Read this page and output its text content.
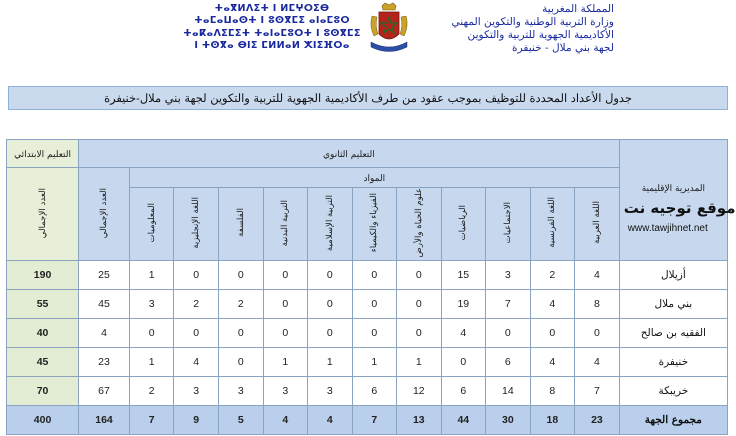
ⵜⴰⴳⵍⴷⵉⵜ ⵏ ⵍⵎⵖⵔⵉⴱ
ⵜⴰⵎⴰⵡⴰⵙⵜ ⵏ ⵓⵙⴳⵎⵉ ⴰⵏⴰⵎⵓⵔ
ⵜⴰⴽⴰⴷⵉⵎⵉⵜ ⵜⴰⵏⴰⵎⵓⵔⵜ ⵏ ⵓⵙⴳⵎⵉ
ⵏ ⵜⵙⴳⴰ ⴱⵏⵉ ⵎⵍⵍⴰⵍ ⵅⵏⵉⴼⵔⴰ
المملكة المغربية
وزارة التربية الوطنية والتكوين المهني
الأكاديمية الجهوية للتربية والتكوين
لجهة بني ملال - خنيفرة
جدول الأعداد المحددة للتوظيف بموجب عقود من طرف الأكاديمية الجهوية للتربية والتكوين لجهة بني ملال-خنيفرة
التعليم الابتدائي	التعليم الثانوي												المديرية الإقليمية
موقع توجيه نت
www.tawjihnet.net

العدد الإجمالي	العدد الإجمالي	المواد											
		المعلوميات	اللغة الإنجليزية	الفلسفة	التربية البدنية	التربية الإسلامية	الفيزياء والكيمياء	علوم الحياة والأرض	الرياضيات	الاجتماعيات	اللغة الفرنسية	اللغة العربية	
190	25	1	0	0	0	0	0	0	15	3	2	4	أزيلال
55	45	3	2	2	0	0	0	0	19	7	4	8	بني ملال
40	4	0	0	0	0	0	0	0	4	0	0	0	الفقيه بن صالح
45	23	1	4	0	1	1	1	1	0	6	4	4	خنيفرة
70	67	2	3	3	3	3	6	12	6	14	8	7	خريبكة
400	164	7	9	5	4	4	7	13	44	30	18	23	مجموع الجهة
